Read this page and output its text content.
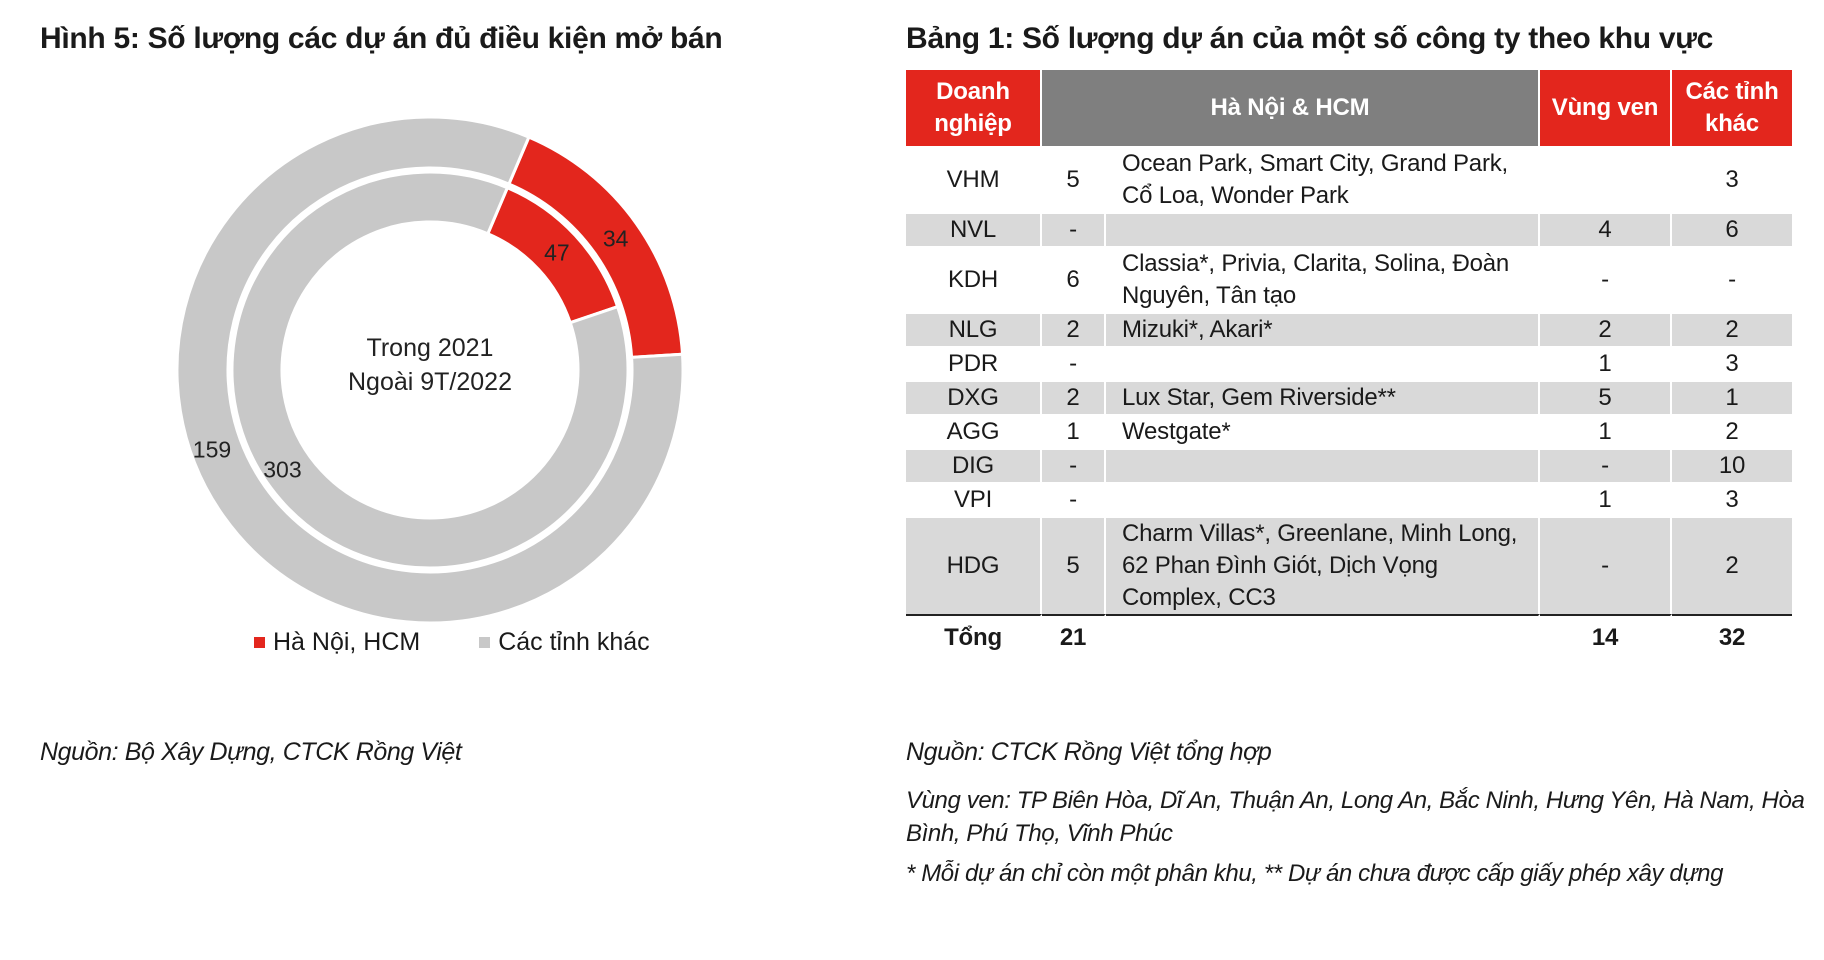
Hình 5: Số lượng các dự án đủ điều kiện mở bán
47
303
34
159
Trong 2021
Ngoài 9T/2022
Hà Nội, HCM	Các tỉnh khác
Nguồn: Bộ Xây Dựng, CTCK Rồng Việt
Bảng 1: Số lượng dự án của một số công ty theo khu vực
Doanh nghiệp	Hà Nội & HCM		Vùng ven	Các tỉnh khác
VHM	5	Ocean Park, Smart City, Grand Park, Cổ Loa, Wonder Park		3
NVL	-		4	6
KDH	6	Classia*, Privia, Clarita, Solina, Đoàn Nguyên, Tân tạo	-	-
NLG	2	Mizuki*, Akari*	2	2
PDR	-		1	3
DXG	2	Lux Star, Gem Riverside**	5	1
AGG	1	Westgate*	1	2
DIG	-		-	10
VPI	-		1	3
HDG	5	Charm Villas*, Greenlane, Minh Long, 62 Phan Đình Giót, Dịch Vọng Complex, CC3	-	2
Tổng	21		14	32
Nguồn: CTCK Rồng Việt tổng hợp
Vùng ven: TP Biên Hòa, Dĩ An, Thuận An, Long An, Bắc Ninh, Hưng Yên, Hà Nam, Hòa Bình, Phú Thọ, Vĩnh Phúc
* Mỗi dự án chỉ còn một phân khu, ** Dự án chưa được cấp giấy phép xây dựng
